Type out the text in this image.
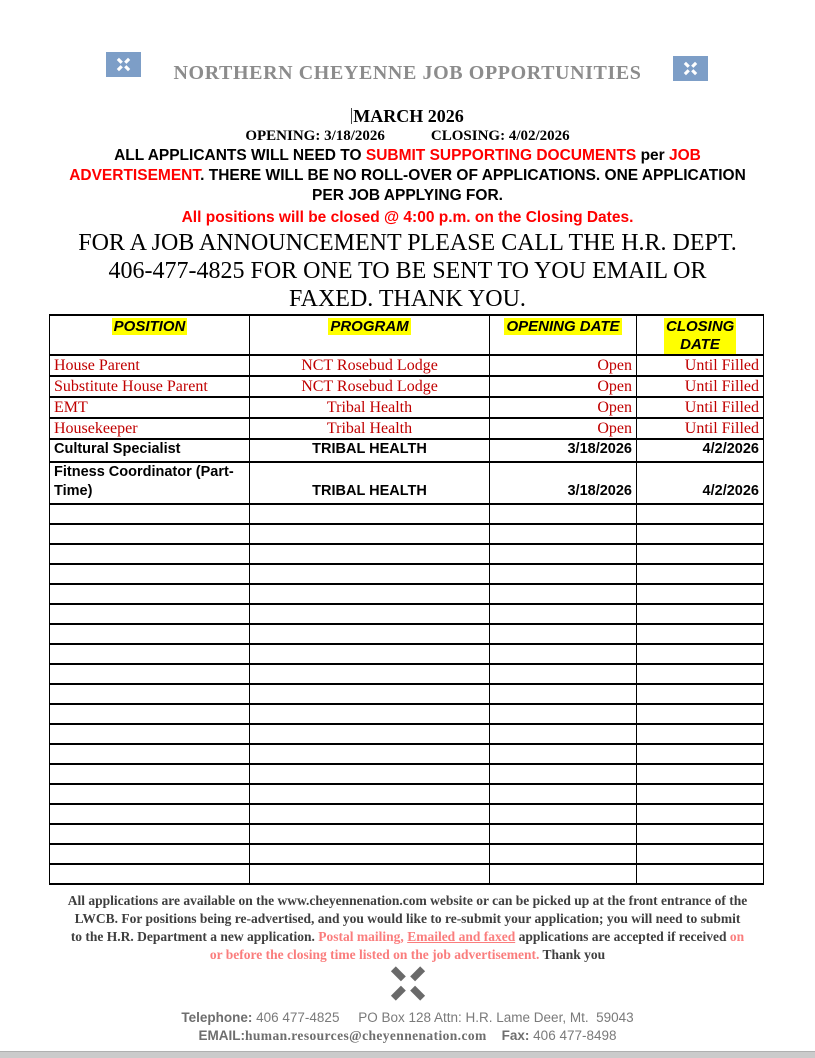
NORTHERN CHEYENNE JOB OPPORTUNITIES
MARCH 2026
OPENING: 3/18/2026	CLOSING: 4/02/2026
ALL APPLICANTS WILL NEED TO SUBMIT SUPPORTING DOCUMENTS per JOB ADVERTISEMENT. THERE WILL BE NO ROLL-OVER OF APPLICATIONS. ONE APPLICATION PER JOB APPLYING FOR.
All positions will be closed @ 4:00 p.m. on the Closing Dates.
FOR A JOB ANNOUNCEMENT PLEASE CALL THE H.R. DEPT.
406-477-4825 FOR ONE TO BE SENT TO YOU EMAIL OR
FAXED. THANK YOU.
POSITION	PROGRAM	OPENING DATE	CLOSING DATE
House Parent	NCT Rosebud Lodge	Open	Until Filled
Substitute House Parent	NCT Rosebud Lodge	Open	Until Filled
EMT	Tribal Health	Open	Until Filled
Housekeeper	Tribal Health	Open	Until Filled
Cultural Specialist	TRIBAL HEALTH	3/18/2026	4/2/2026
Fitness Coordinator (Part-Time)	TRIBAL HEALTH	3/18/2026	4/2/2026

All applications are available on the www.cheyennenation.com website or can be picked up at the front entrance of the LWCB. For positions being re-advertised, and you would like to re-submit your application; you will need to submit to the H.R. Department a new application. Postal mailing, Emailed and faxed applications are accepted if received on or before the closing time listed on the job advertisement. Thank you
Telephone: 406 477-4825     PO Box 128 Attn: H.R. Lame Deer, Mt.  59043
EMAIL:human.resources@cheyennenation.com Fax: 406 477-8498
